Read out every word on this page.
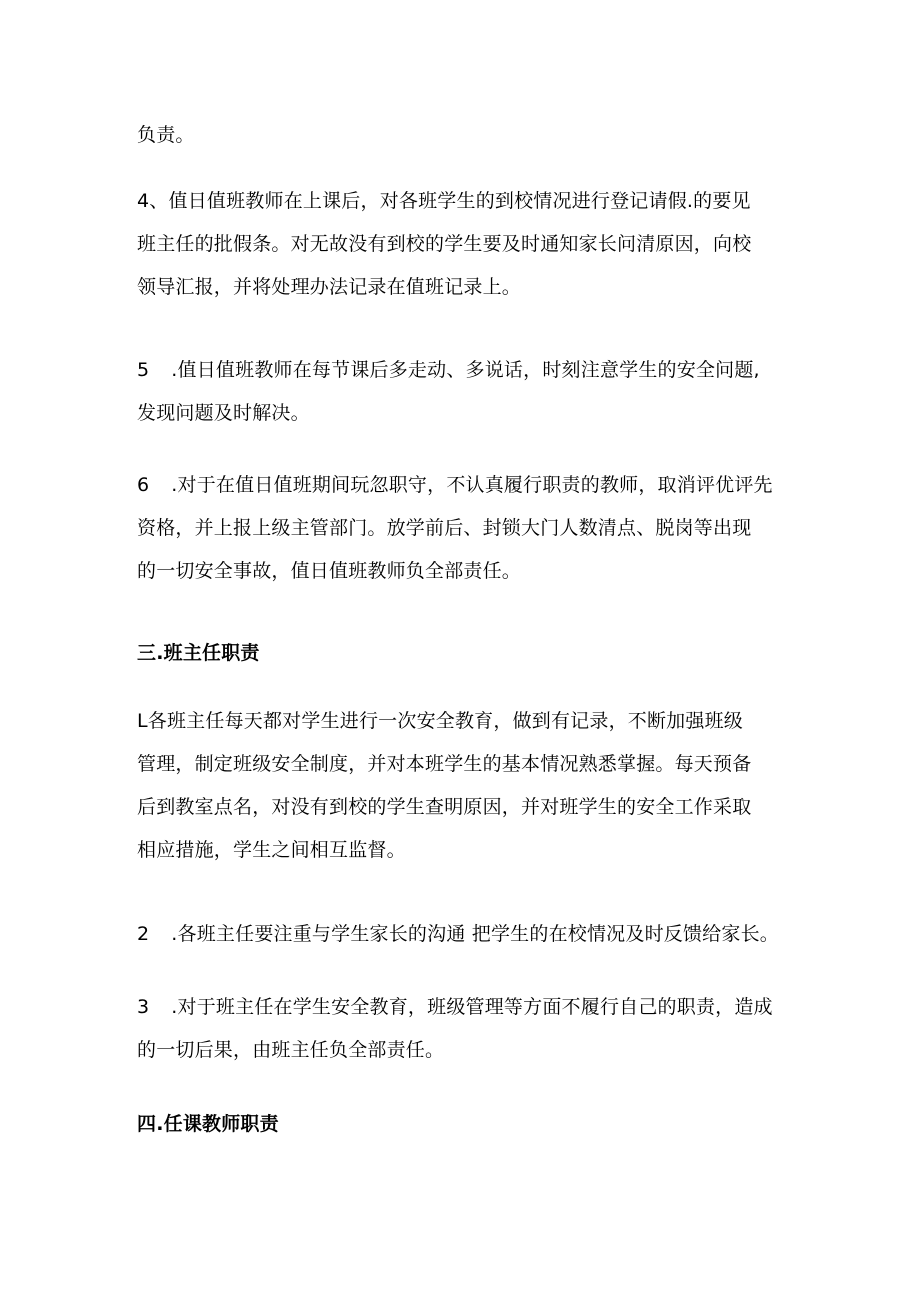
负责。

4、值日值班教师在上课后，对各班学生的到校情况进行登记请假.的要见
班主任的批假条。对无故没有到校的学生要及时通知家长问清原因，向校
领导汇报，并将处理办法记录在值班记录上。

5 .值日值班教师在每节课后多走动、多说话，时刻注意学生的安全问题,
发现问题及时解决。

6 .对于在值日值班期间玩忽职守，不认真履行职责的教师，取消评优评先
资格，并上报上级主管部门。放学前后、封锁大门人数清点、脱岗等出现
的一切安全事故，值日值班教师负全部责任。

三.班主任职责

L各班主任每天都对学生进行一次安全教育，做到有记录，不断加强班级
管理，制定班级安全制度，并对本班学生的基本情况熟悉掌握。每天预备
后到教室点名，对没有到校的学生查明原因，并对班学生的安全工作采取
相应措施，学生之间相互监督。

2 .各班主任要注重与学生家长的沟通 把学生的在校情况及时反馈给家长。

3 .对于班主任在学生安全教育，班级管理等方面不履行自己的职责，造成
的一切后果，由班主任负全部责任。

四.任课教师职责
